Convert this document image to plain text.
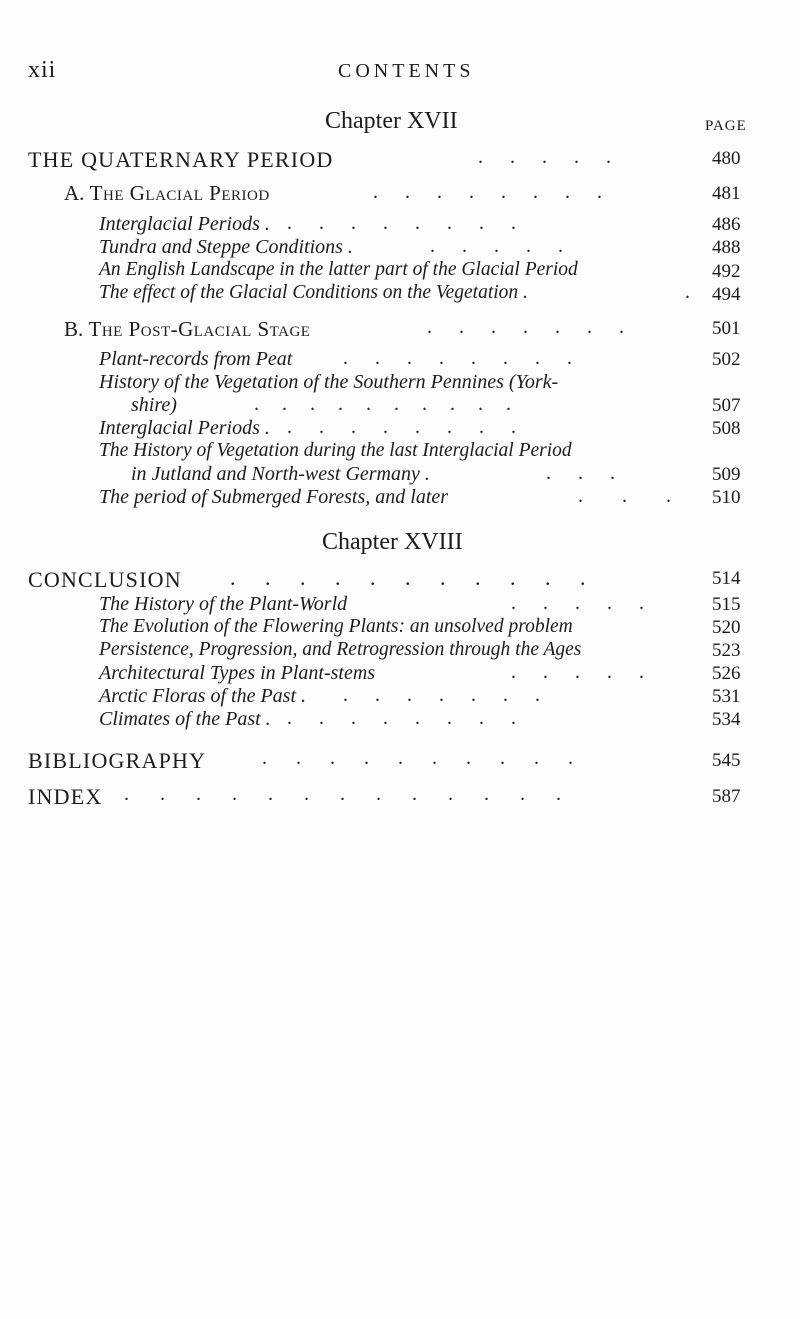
xii	CONTENTS
Chapter XVII	PAGE
THE QUATERNARY PERIOD	. . . . .	480
A. The Glacial Period	. . . . . . . .	481
Interglacial Periods . . . . . . . . .	486
Tundra and Steppe Conditions .	. . . . .	488
An English Landscape in the latter part of the Glacial Period	492
The effect of the Glacial Conditions on the Vegetation .	. 494
B. The Post-Glacial Stage	. . . . . . .	501
Plant-records from Peat	. . . . . . . .	502
History of the Vegetation of the Southern Pennines (York-
shire)	. . . . . . . . . .	507
Interglacial Periods . . . . . . . . .	508
The History of Vegetation during the last Interglacial Period
in Jutland and North-west Germany .	. . .	509
The period of Submerged Forests, and later	. . . 510
Chapter XVIII
CONCLUSION . . . . . . . . . . .	514
The History of the Plant-World	. . . . .	515
The Evolution of the Flowering Plants: an unsolved problem	520
Persistence, Progression, and Retrogression through the Ages	523
Architectural Types in Plant-stems	. . . . .	526
Arctic Floras of the Past . . . . . . . .	531
Climates of the Past . . . . . . . . .	534
BIBLIOGRAPHY	. . . . . . . . . .	545
INDEX . . . . . . . . . . . . .	587
